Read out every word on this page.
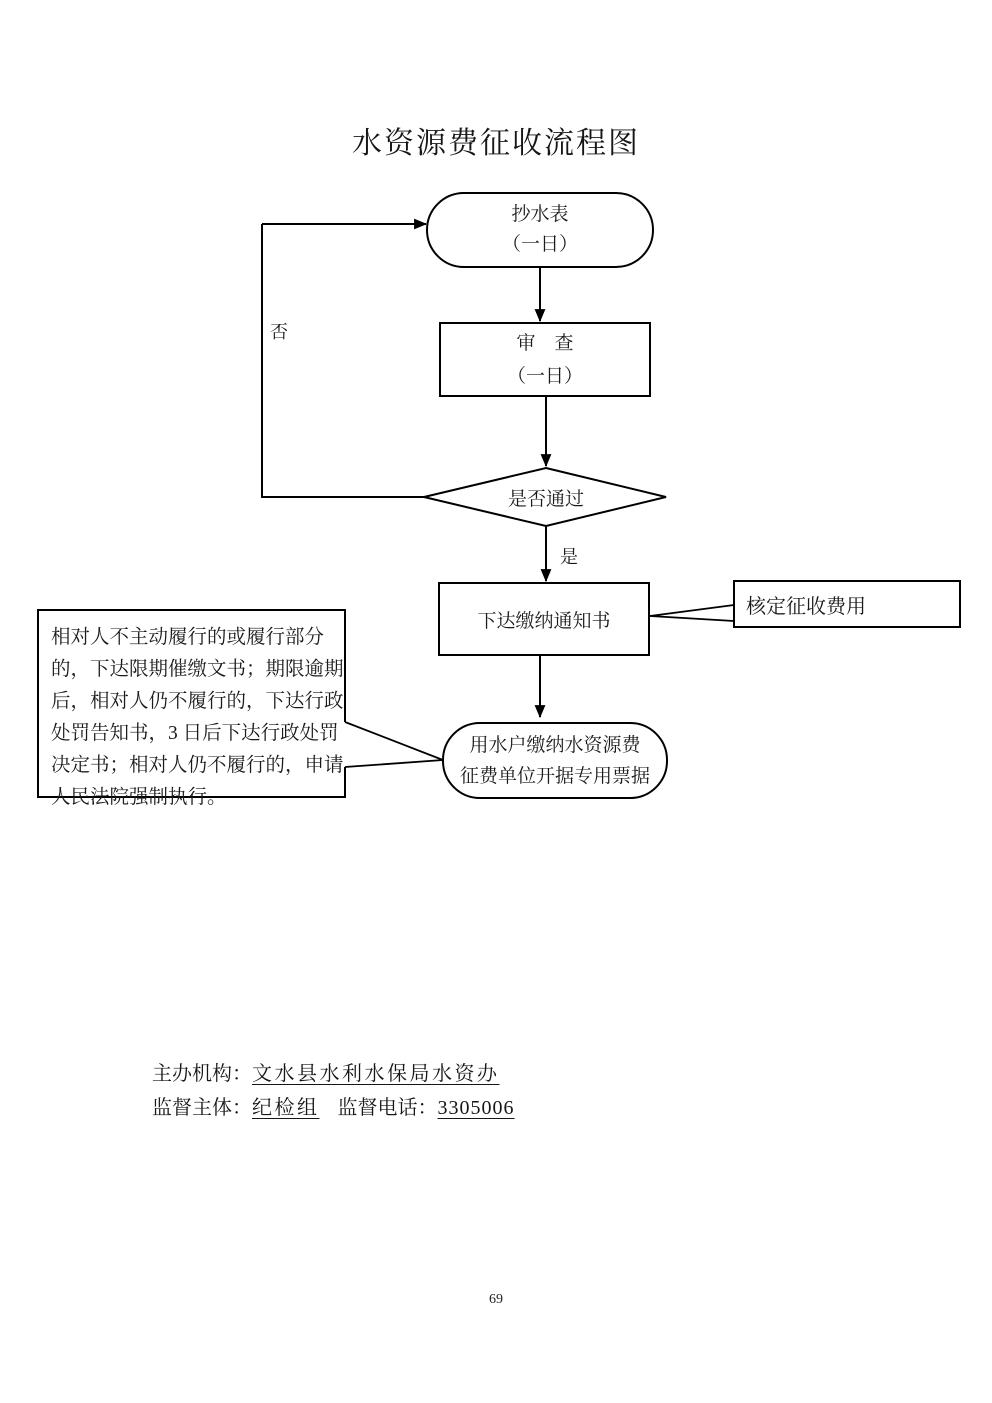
水资源费征收流程图
抄水表
（一日）
审　查
（一日）
是否通过
否
是
下达缴纳通知书
核定征收费用
用水户缴纳水资源费
征费单位开据专用票据
相对人不主动履行的或履行部分
的，下达限期催缴文书；期限逾期
后，相对人仍不履行的，下达行政
处罚告知书，3 日后下达行政处罚
决定书；相对人仍不履行的，申请
人民法院强制执行。
主办机构：文水县水利水保局水资办
监督主体：纪检组 监督电话：3305006
69
